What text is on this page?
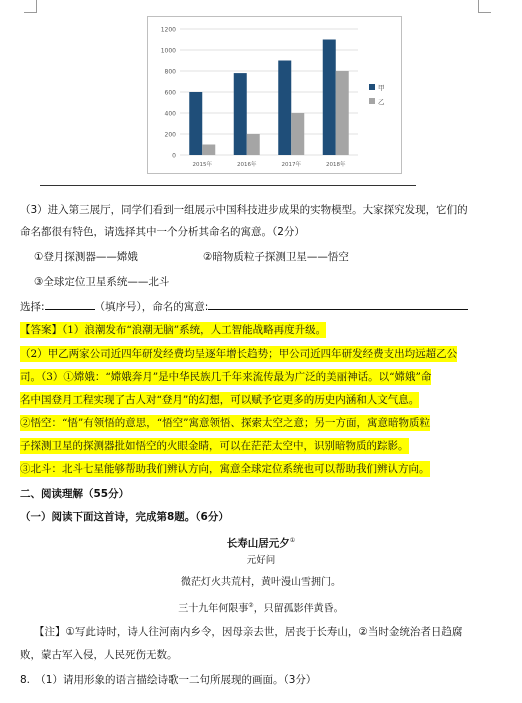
0
200
400
600
800
1000
1200
2015年	2016年	2017年	2018年
甲
乙
（3）进入第三展厅，同学们看到一组展示中国科技进步成果的实物模型。大家探究发现，它们的
命名都很有特色，请选择其中一个分析其命名的寓意。（2分）
①登月探测器——嫦娥	②暗物质粒子探测卫星——悟空
③全球定位卫星系统——北斗
选择:	（填序号），命名的寓意:
【答案】（1）浪潮发布“浪潮无脑”系统，人工智能战略再度升级。
（2）甲乙两家公司近四年研发经费均呈逐年增长趋势；甲公司近四年研发经费支出均远超乙公
司。（3）①嫦娥：“嫦娥奔月”是中华民族几千年来流传最为广泛的美丽神话。以“嫦娥”命
名中国登月工程实现了古人对“登月”的幻想，可以赋予它更多的历史内涵和人文气息。
②悟空：“悟”有领悟的意思，“悟空”寓意领悟、探索太空之意；另一方面，寓意暗物质粒
子探测卫星的探测器批如悟空的火眼金睛，可以在茫茫太空中，识别暗物质的踪影。
③北斗：北斗七星能够帮助我们辨认方向，寓意全球定位系统也可以帮助我们辨认方向。
二、阅读理解（55分）
（一）阅读下面这首诗，完成第8题。（6分）
长寿山居元夕①
元好问
微茫灯火共荒村，黄叶漫山雪拥门。
三十九年何限事②，只留孤影伴黄昏。
【注】①写此诗时，诗人往河南内乡令，因母亲去世，居丧于长寿山，②当时金统治者日趋腐
败，蒙古军入侵，人民死伤无数。
8.　（1）请用形象的语言描绘诗歌一二句所展现的画面。（3分）
